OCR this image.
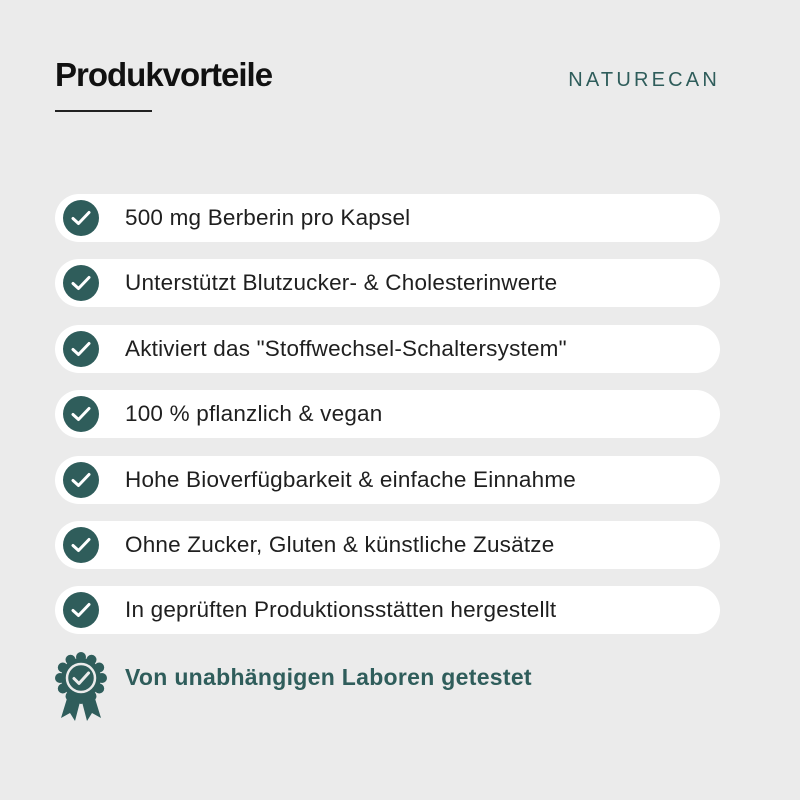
Produkvorteile	NATURECAN
500 mg Berberin pro Kapsel
Unterstützt Blutzucker- & Cholesterinwerte
Aktiviert das "Stoffwechsel-Schaltersystem"
100 % pflanzlich & vegan
Hohe Bioverfügbarkeit & einfache Einnahme
Ohne Zucker, Gluten & künstliche Zusätze
In geprüften Produktionsstätten hergestellt
Von unabhängigen Laboren getestet
